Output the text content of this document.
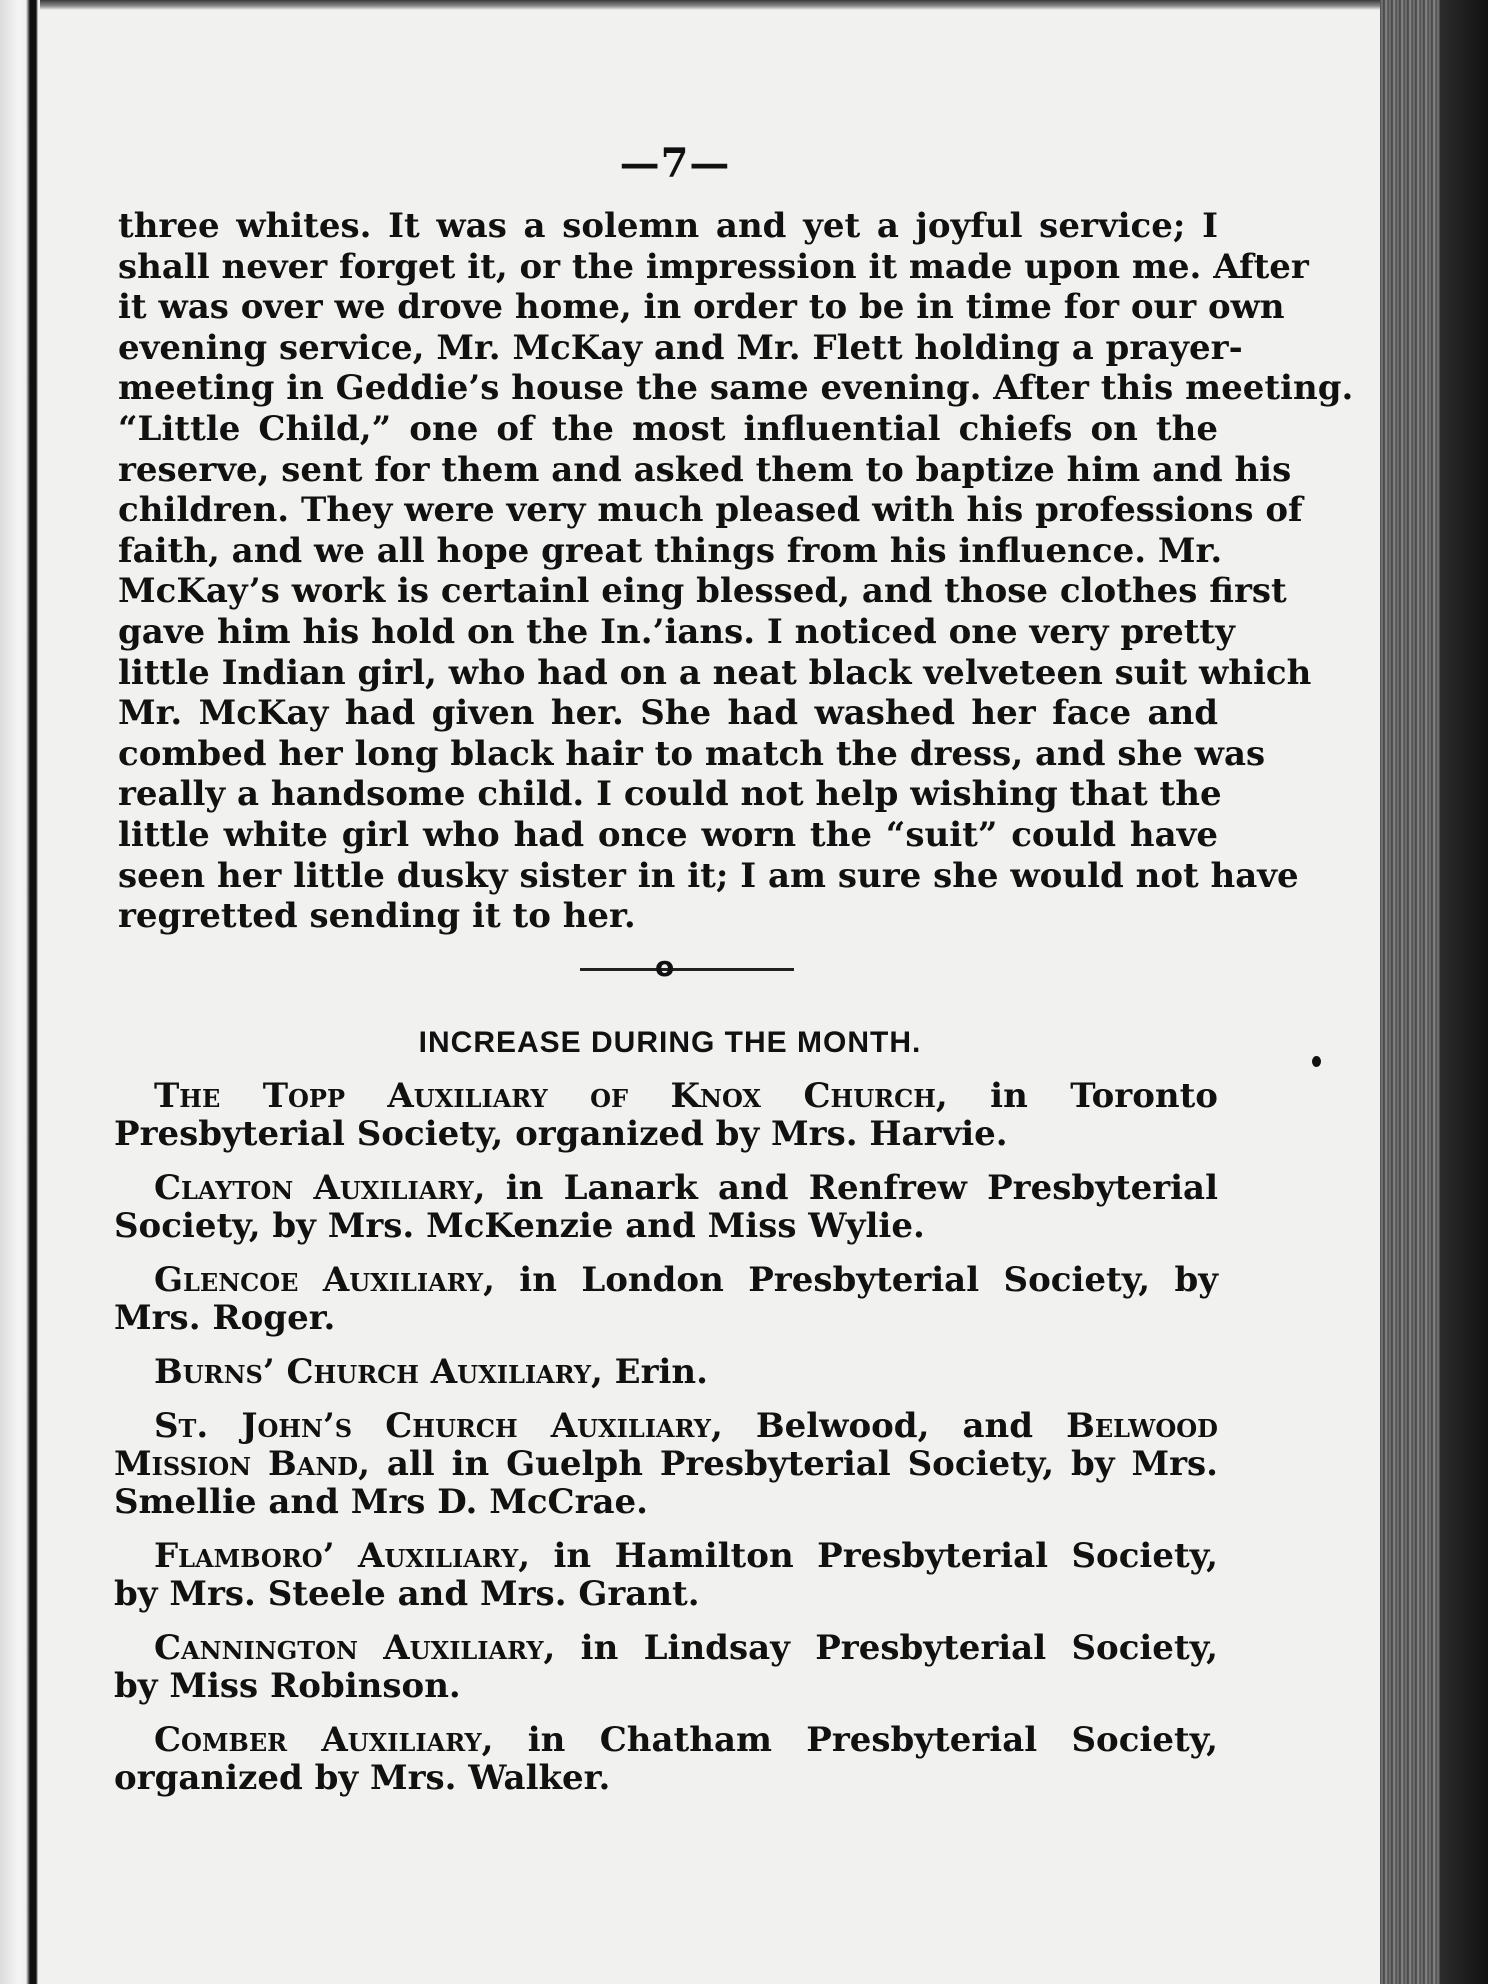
—7—
three whites. It was a solemn and yet a joyful service; I
shall never forget it, or the impression it made upon me. After
it was over we drove home, in order to be in time for our own
evening service, Mr. McKay and Mr. Flett holding a prayer-
meeting in Geddie’s house the same evening. After this meeting.
“Little Child,” one of the most influential chiefs on the
reserve, sent for them and asked them to baptize him and his
children. They were very much pleased with his professions of
faith, and we all hope great things from his influence. Mr.
McKay’s work is certainl eing blessed, and those clothes first
gave him his hold on the In.’ians. I noticed one very pretty
little Indian girl, who had on a neat black velveteen suit which
Mr. McKay had given her. She had washed her face and
combed her long black hair to match the dress, and she was
really a handsome child. I could not help wishing that the
little white girl who had once worn the “suit” could have
seen her little dusky sister in it; I am sure she would not have
regretted sending it to her.
o
INCREASE DURING THE MONTH.
The Topp Auxiliary of Knox Church, in Toronto
Presbyterial Society, organized by Mrs. Harvie.
Clayton Auxiliary, in Lanark and Renfrew Presbyterial
Society, by Mrs. McKenzie and Miss Wylie.
Glencoe Auxiliary, in London Presbyterial Society, by
Mrs. Roger.
Burns’ Church Auxiliary, Erin.
St. John’s Church Auxiliary, Belwood, and Belwood
Mission Band, all in Guelph Presbyterial Society, by Mrs.
Smellie and Mrs D. McCrae.
Flamboro’ Auxiliary, in Hamilton Presbyterial Society,
by Mrs. Steele and Mrs. Grant.
Cannington Auxiliary, in Lindsay Presbyterial Society,
by Miss Robinson.
Comber Auxiliary, in Chatham Presbyterial Society,
organized by Mrs. Walker.
